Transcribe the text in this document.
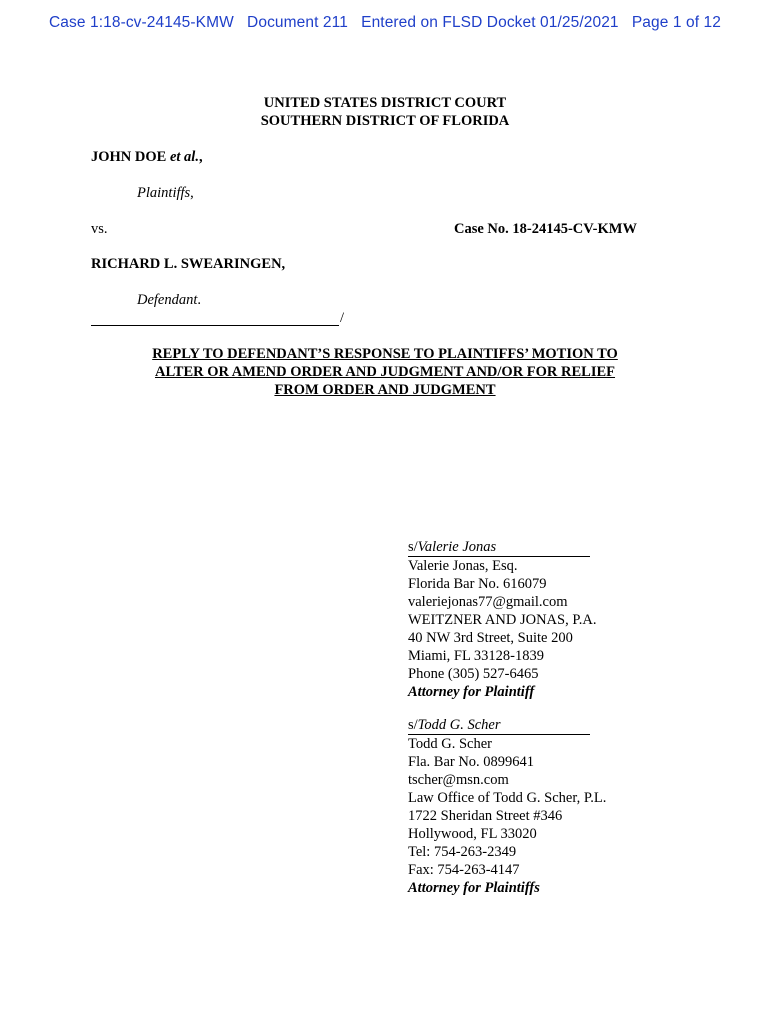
Case 1:18-cv-24145-KMW   Document 211   Entered on FLSD Docket 01/25/2021   Page 1 of 12
UNITED STATES DISTRICT COURT
SOUTHERN DISTRICT OF FLORIDA
JOHN DOE et al.,
Plaintiffs,
vs.	Case No. 18-24145-CV-KMW
RICHARD L. SWEARINGEN,
Defendant.
/
REPLY TO DEFENDANT’S RESPONSE TO PLAINTIFFS’ MOTION TO
ALTER OR AMEND ORDER AND JUDGMENT AND/OR FOR RELIEF
FROM ORDER AND JUDGMENT
s/Valerie Jonas
Valerie Jonas, Esq.
Florida Bar No. 616079
valeriejonas77@gmail.com
WEITZNER AND JONAS, P.A.
40 NW 3rd Street, Suite 200
Miami, FL 33128-1839
Phone (305) 527-6465
Attorney for Plaintiff
s/Todd G. Scher
Todd G. Scher
Fla. Bar No. 0899641
tscher@msn.com
Law Office of Todd G. Scher, P.L.
1722 Sheridan Street #346
Hollywood, FL 33020
Tel: 754-263-2349
Fax: 754-263-4147
Attorney for Plaintiffs
